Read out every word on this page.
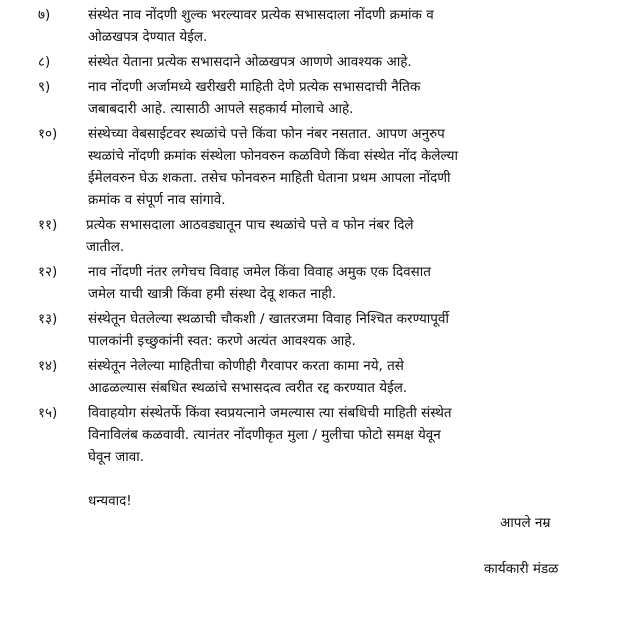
७)	संस्थेत नाव नोंदणी शुल्क भरल्यावर प्रत्येक सभासदाला नोंदणी क्रमांक व
ओळखपत्र देण्यात येईल.
८)	संस्थेत येताना प्रत्येक सभासदाने ओळखपत्र आणणे आवश्यक आहे.
९)	नाव नोंदणी अर्जामध्ये खरीखरी माहिती देणे प्रत्येक सभासदाची नैतिक
जबाबदारी आहे. त्यासाठी आपले सहकार्य मोलाचे आहे.
१०)	संस्थेच्या वेबसाईटवर स्थळांचे पत्ते किंवा फोन नंबर नसतात. आपण अनुरुप
स्थळांचे नोंदणी क्रमांक संस्थेला फोनवरुन कळविणे किंवा संस्थेत नोंद केलेल्या
ईमेलवरुन घेऊ शकता. तसेच फोनवरुन माहिती घेताना प्रथम आपला नोंदणी
क्रमांक व संपूर्ण नाव सांगावे.
११)	प्रत्येक सभासदाला आठवड्यातून पाच स्थळांचे पत्ते व फोन नंबर दिले
जातील.
१२)	नाव नोंदणी नंतर लगेचच विवाह जमेल किंवा विवाह अमुक एक दिवसात
जमेल याची खात्री किंवा हमी संस्था देवू शकत नाही.
१३)	संस्थेतून घेतलेल्या स्थळाची चौकशी / खातरजमा विवाह निश्चित करण्यापूर्वी
पालकांनी इच्छुकांनी स्वत: करणे अत्यंत आवश्यक आहे.
१४)	संस्थेतून नेलेल्या माहितीचा कोणीही गैरवापर करता कामा नये, तसे
आढळल्यास संबधित स्थळांचे सभासदत्व त्वरीत रद्द करण्यात येईल.
१५)	विवाहयोग संस्थेतर्फे किंवा स्वप्रयत्नाने जमल्यास त्या संबधिची माहिती संस्थेत
विनाविलंब कळवावी. त्यानंतर नोंदणीकृत मुला / मुलीचा फोटो समक्ष येवून
घेवून जावा.
धन्यवाद!
आपले नम्र
कार्यकारी मंडळ
